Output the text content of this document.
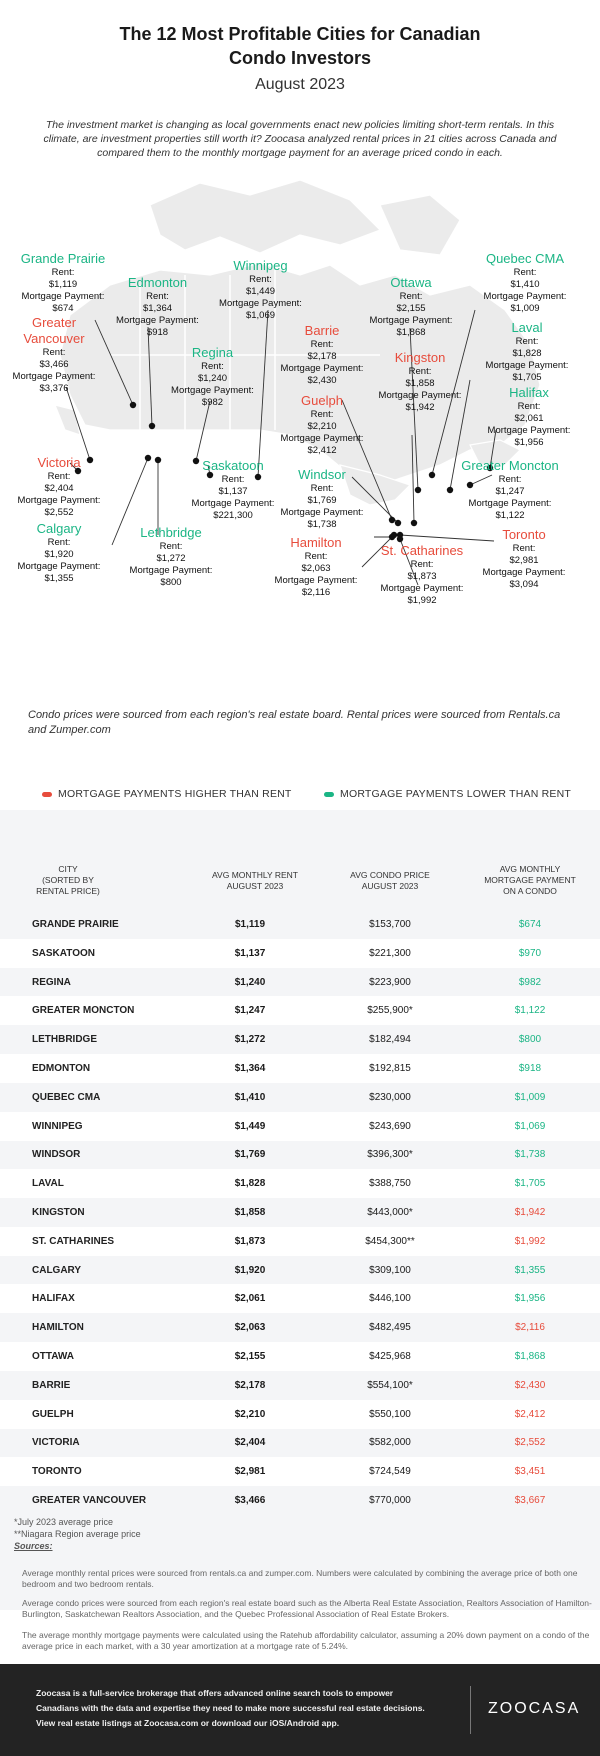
The 12 Most Profitable Cities for Canadian
Condo Investors
August 2023
The investment market is changing as local governments enact new policies limiting short-term rentals. In this climate, are investment properties still worth it? Zoocasa analyzed rental prices in 21 cities across Canada and compared them to the monthly mortgage payment for an average priced condo in each.
Grande Prairie
Rent:
$1,119
Mortgage Payment:
$674
Edmonton
Rent:
$1,364
Mortgage Payment:
$918
Winnipeg
Rent:
$1,449
Mortgage Payment:
$1,069
Ottawa
Rent:
$2,155
Mortgage Payment:
$1,868
Quebec CMA
Rent:
$1,410
Mortgage Payment:
$1,009
Greater Vancouver
Rent:
$3,466
Mortgage Payment:
$3,376
Regina
Rent:
$1,240
Mortgage Payment:
$982
Barrie
Rent:
$2,178
Mortgage Payment:
$2,430
Kingston
Rent:
$1,858
Mortgage Payment:
$1,942
Laval
Rent:
$1,828
Mortgage Payment:
$1,705
Halifax
Rent:
$2,061
Mortgage Payment:
$1,956
Guelph
Rent:
$2,210
Mortgage Payment:
$2,412
Victoria
Rent:
$2,404
Mortgage Payment:
$2,552
Saskatoon
Rent:
$1,137
Mortgage Payment:
$221,300
Windsor
Rent:
$1,769
Mortgage Payment:
$1,738
Greater Moncton
Rent:
$1,247
Mortgage Payment:
$1,122
Calgary
Rent:
$1,920
Mortgage Payment:
$1,355
Lethbridge
Rent:
$1,272
Mortgage Payment:
$800
Hamilton
Rent:
$2,063
Mortgage Payment:
$2,116
St. Catharines
Rent:
$1,873
Mortgage Payment:
$1,992
Toronto
Rent:
$2,981
Mortgage Payment:
$3,094
Condo prices were sourced from each region's real estate board. Rental prices were sourced from Rentals.ca and Zumper.com
MORTGAGE PAYMENTS HIGHER THAN RENT	MORTGAGE PAYMENTS LOWER THAN RENT
CITY
(SORTED BY RENTAL PRICE)
AVG MONTHLY RENT AUGUST 2023
AVG CONDO PRICE AUGUST 2023
AVG MONTHLY MORTGAGE PAYMENT ON A CONDO
GRANDE PRAIRIE	$1,119	$153,700	$674
SASKATOON	$1,137	$221,300	$970
REGINA	$1,240	$223,900	$982
GREATER MONCTON	$1,247	$255,900*	$1,122
LETHBRIDGE	$1,272	$182,494	$800
EDMONTON	$1,364	$192,815	$918
QUEBEC CMA	$1,410	$230,000	$1,009
WINNIPEG	$1,449	$243,690	$1,069
WINDSOR	$1,769	$396,300*	$1,738
LAVAL	$1,828	$388,750	$1,705
KINGSTON	$1,858	$443,000*	$1,942
ST. CATHARINES	$1,873	$454,300**	$1,992
CALGARY	$1,920	$309,100	$1,355
HALIFAX	$2,061	$446,100	$1,956
HAMILTON	$2,063	$482,495	$2,116
OTTAWA	$2,155	$425,968	$1,868
BARRIE	$2,178	$554,100*	$2,430
GUELPH	$2,210	$550,100	$2,412
VICTORIA	$2,404	$582,000	$2,552
TORONTO	$2,981	$724,549	$3,451
GREATER VANCOUVER	$3,466	$770,000	$3,667
*July 2023 average price
**Niagara Region average price
Sources:
Average monthly rental prices were sourced from rentals.ca and zumper.com. Numbers were calculated by combining the average price of both one bedroom and two bedroom rentals.
Average condo prices were sourced from each region's real estate board such as the Alberta Real Estate Association, Realtors Association of Hamilton-Burlington, Saskatchewan Realtors Association, and the Quebec Professional Association of Real Estate Brokers.
The average monthly mortgage payments were calculated using the Ratehub affordability calculator, assuming a 20% down payment on a condo of the average price in each market, with a 30 year amortization at a mortgage rate of 5.24%.
Zoocasa is a full-service brokerage that offers advanced online search tools to empower
Canadians with the data and expertise they need to make more successful real estate decisions.
View real estate listings at Zoocasa.com or download our iOS/Android app.
ZOOCASA
